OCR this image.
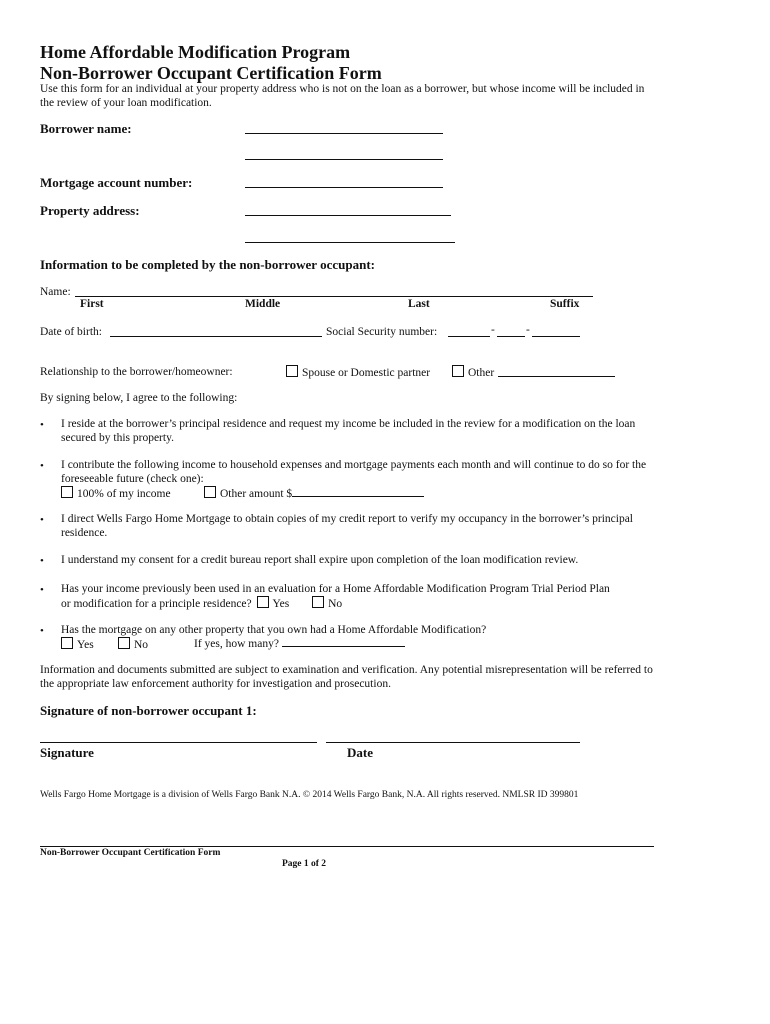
Home Affordable Modification Program
Non-Borrower Occupant Certification Form
Use this form for an individual at your property address who is not on the loan as a borrower, but whose income will be included in the review of your loan modification.
Borrower name:
Mortgage account number:
Property address:
Information to be completed by the non-borrower occupant:
Name:
First	Middle	Last	Suffix
Date of birth:	Social Security number:	-	-
Relationship to the borrower/homeowner:	Spouse or Domestic partner	Other
By signing below, I agree to the following:
• I reside at the borrower’s principal residence and request my income be included in the review for a modification on the loan secured by this property.
• I contribute the following income to household expenses and mortgage payments each month and will continue to do so for the foreseeable future (check one):
100% of my income	Other amount $
• I direct Wells Fargo Home Mortgage to obtain copies of my credit report to verify my occupancy in the borrower’s principal residence.
• I understand my consent for a credit bureau report shall expire upon completion of the loan modification review.
• Has your income previously been used in an evaluation for a Home Affordable Modification Program Trial Period Plan
or modification for a principle residence? Yes	No
• Has the mortgage on any other property that you own had a Home Affordable Modification?
Yes	No	If yes, how many?
Information and documents submitted are subject to examination and verification. Any potential misrepresentation will be referred to the appropriate law enforcement authority for investigation and prosecution.
Signature of non-borrower occupant 1:
Signature	Date
Wells Fargo Home Mortgage is a division of Wells Fargo Bank N.A. © 2014 Wells Fargo Bank, N.A. All rights reserved. NMLSR ID 399801
Non-Borrower Occupant Certification Form
Page 1 of 2
